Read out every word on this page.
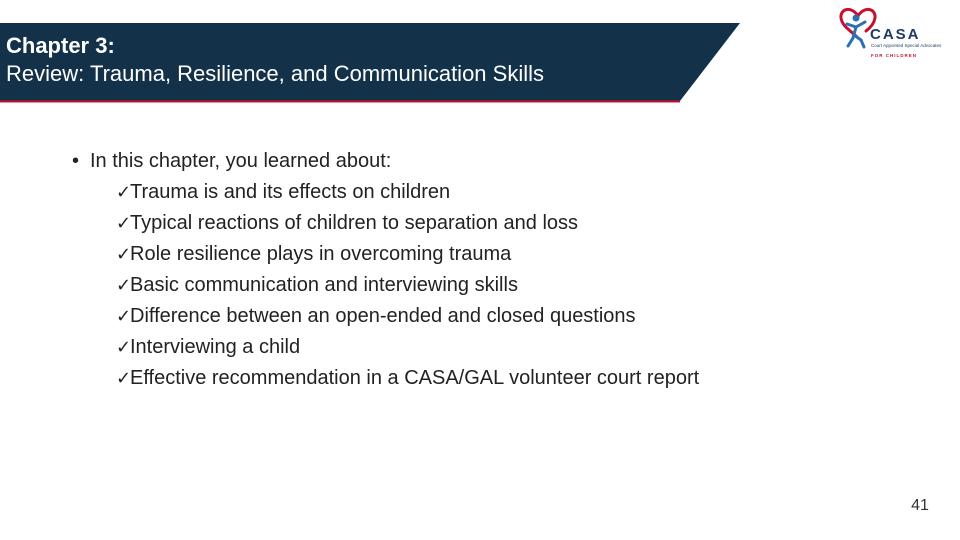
Chapter 3:
Review: Trauma, Resilience, and Communication Skills
CASA
Court Appointed Special Advocates
FOR CHILDREN
• In this chapter, you learned about:
✓Trauma is and its effects on children
✓Typical reactions of children to separation and loss
✓Role resilience plays in overcoming trauma
✓Basic communication and interviewing skills
✓Difference between an open-ended and closed questions
✓Interviewing a child
✓Effective recommendation in a CASA/GAL volunteer court report
41
